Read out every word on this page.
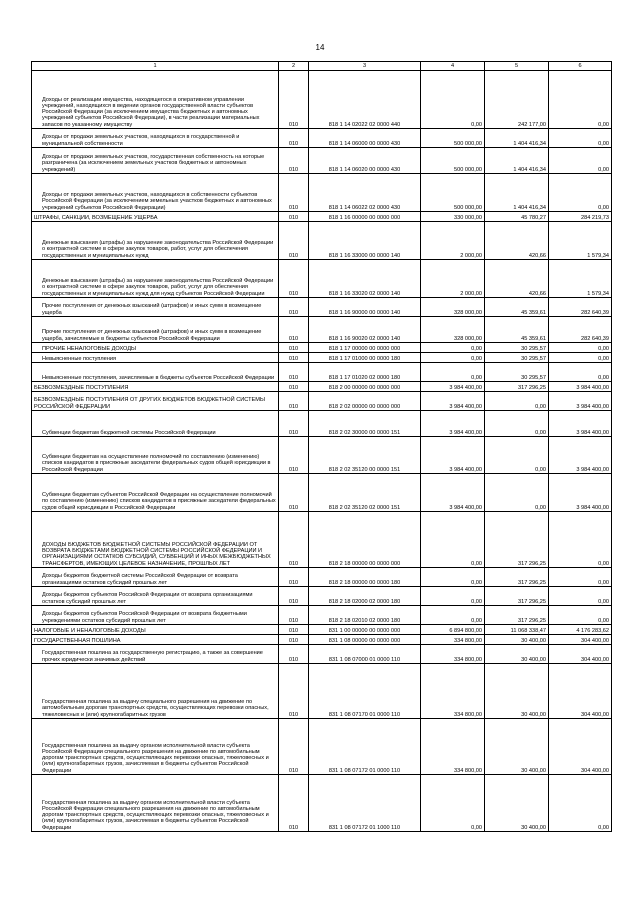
14
1	2	3	4	5	6

Доходы от реализации имущества, находящегося в оперативном управлении учреждений, находящихся в ведении органов государственной власти субъектов Российской Федерации (за исключением имущества бюджетных и автономных учреждений субъектов Российской Федерации), в части реализации материальных запасов по указанному имуществу	010	818 1 14 02022 02 0000 440	0,00	242 177,00	0,00

Доходы от продажи земельных участков, находящихся в государственной и муниципальной собственности	010	818 1 14 06000 00 0000 430	500 000,00	1 404 416,34	0,00

Доходы от продажи земельных участков, государственная собственность на которые разграничена (за исключением земельных участков бюджетных и автономных учреждений)	010	818 1 14 06020 00 0000 430	500 000,00	1 404 416,34	0,00

Доходы от продажи земельных участков, находящихся в собственности субъектов Российской Федерации (за исключением земельных участков бюджетных и автономных учреждений субъектов Российской Федерации)	010	818 1 14 06022 02 0000 430	500 000,00	1 404 416,34	0,00
ШТРАФЫ, САНКЦИИ, ВОЗМЕЩЕНИЕ УЩЕРБА	010	818 1 16 00000 00 0000 000	330 000,00	45 780,27	284 219,73

Денежные взыскания (штрафы) за нарушение законодательства Российской Федерации о контрактной системе в сфере закупок товаров, работ, услуг для обеспечения государственных и муниципальных нужд	010	818 1 16 33000 00 0000 140	2 000,00	420,66	1 579,34

Денежные взыскания (штрафы) за нарушение законодательства Российской Федерации о контрактной системе в сфере закупок товаров, работ, услуг для обеспечения государственных и муниципальных нужд для нужд субъектов Российской Федерации	010	818 1 16 33020 02 0000 140	2 000,00	420,66	1 579,34

Прочие поступления от денежных взысканий (штрафов) и иных сумм в возмещение ущерба	010	818 1 16 90000 00 0000 140	328 000,00	45 359,61	282 640,39

Прочие поступления от денежных взысканий (штрафов) и иных сумм в возмещение ущерба, зачисляемые в бюджеты субъектов Российской Федерации	010	818 1 16 90020 02 0000 140	328 000,00	45 359,61	282 640,39

ПРОЧИЕ НЕНАЛОГОВЫЕ ДОХОДЫ	010	818 1 17 00000 00 0000 000	0,00	30 295,57	0,00

Невыясненные поступления	010	818 1 17 01000 00 0000 180	0,00	30 295,57	0,00

Невыясненные поступления, зачисляемые в бюджеты субъектов Российской Федерации	010	818 1 17 01020 02 0000 180	0,00	30 295,57	0,00
БЕЗВОЗМЕЗДНЫЕ ПОСТУПЛЕНИЯ	010	818 2 00 00000 00 0000 000	3 984 400,00	317 296,25	3 984 400,00
БЕЗВОЗМЕЗДНЫЕ ПОСТУПЛЕНИЯ ОТ ДРУГИХ БЮДЖЕТОВ БЮДЖЕТНОЙ СИСТЕМЫ РОССИЙСКОЙ ФЕДЕРАЦИИ	010	818 2 02 00000 00 0000 000	3 984 400,00	0,00	3 984 400,00

Субвенции бюджетам бюджетной системы Российской Федерации	010	818 2 02 30000 00 0000 151	3 984 400,00	0,00	3 984 400,00

Субвенции бюджетам на осуществление полномочий по составлению (изменению) списков кандидатов в присяжные заседатели федеральных судов общей юрисдикции в Российской Федерации	010	818 2 02 35120 00 0000 151	3 984 400,00	0,00	3 984 400,00

Субвенции бюджетам субъектов Российской Федерации на осуществление полномочий по составлению (изменению) списков кандидатов в присяжные заседатели федеральных судов общей юрисдикции в Российской Федерации	010	818 2 02 35120 02 0000 151	3 984 400,00	0,00	3 984 400,00

ДОХОДЫ БЮДЖЕТОВ БЮДЖЕТНОЙ СИСТЕМЫ РОССИЙСКОЙ ФЕДЕРАЦИИ ОТ ВОЗВРАТА БЮДЖЕТАМИ БЮДЖЕТНОЙ СИСТЕМЫ РОССИЙСКОЙ ФЕДЕРАЦИИ И ОРГАНИЗАЦИЯМИ ОСТАТКОВ СУБСИДИЙ, СУБВЕНЦИЙ И ИНЫХ МЕЖБЮДЖЕТНЫХ ТРАНСФЕРТОВ, ИМЕЮЩИХ ЦЕЛЕВОЕ НАЗНАЧЕНИЕ, ПРОШЛЫХ ЛЕТ	010	818 2 18 00000 00 0000 000	0,00	317 296,25	0,00

Доходы бюджетов бюджетной системы Российской Федерации от возврата организациями остатков субсидий прошлых лет	010	818 2 18 00000 00 0000 180	0,00	317 296,25	0,00

Доходы бюджетов субъектов Российской Федерации от возврата организациями остатков субсидий прошлых лет	010	818 2 18 02000 02 0000 180	0,00	317 296,25	0,00

Доходы бюджетов субъектов Российской Федерации от возврата бюджетными учреждениями остатков субсидий прошлых лет	010	818 2 18 02010 02 0000 180	0,00	317 296,25	0,00
НАЛОГОВЫЕ И НЕНАЛОГОВЫЕ ДОХОДЫ	010	831 1 00 00000 00 0000 000	6 894 800,00	11 068 338,47	4 176 283,62
ГОСУДАРСТВЕННАЯ ПОШЛИНА	010	831 1 08 00000 00 0000 000	334 800,00	30 400,00	304 400,00

Государственная пошлина за государственную регистрацию, а также за совершение прочих юридически значимых действий	010	831 1 08 07000 01 0000 110	334 800,00	30 400,00	304 400,00

Государственная пошлина за выдачу специального разрешения на движение по автомобильным дорогам транспортных средств, осуществляющих перевозки опасных, тяжеловесных и (или) крупногабаритных грузов	010	831 1 08 07170 01 0000 110	334 800,00	30 400,00	304 400,00

Государственная пошлина за выдачу органом исполнительной власти субъекта Российской Федерации специального разрешения на движение по автомобильным дорогам транспортных средств, осуществляющих перевозки опасных, тяжеловесных и (или) крупногабаритных грузов, зачисляемая в бюджеты субъектов Российской Федерации	010	831 1 08 07172 01 0000 110	334 800,00	30 400,00	304 400,00

Государственная пошлина за выдачу органом исполнительной власти субъекта Российской Федерации специального разрешения на движение по автомобильным дорогам транспортных средств, осуществляющих перевозки опасных, тяжеловесных и (или) крупногабаритных грузов, зачисляемая в бюджеты субъектов Российской Федерации	010	831 1 08 07172 01 1000 110	0,00	30 400,00	0,00
